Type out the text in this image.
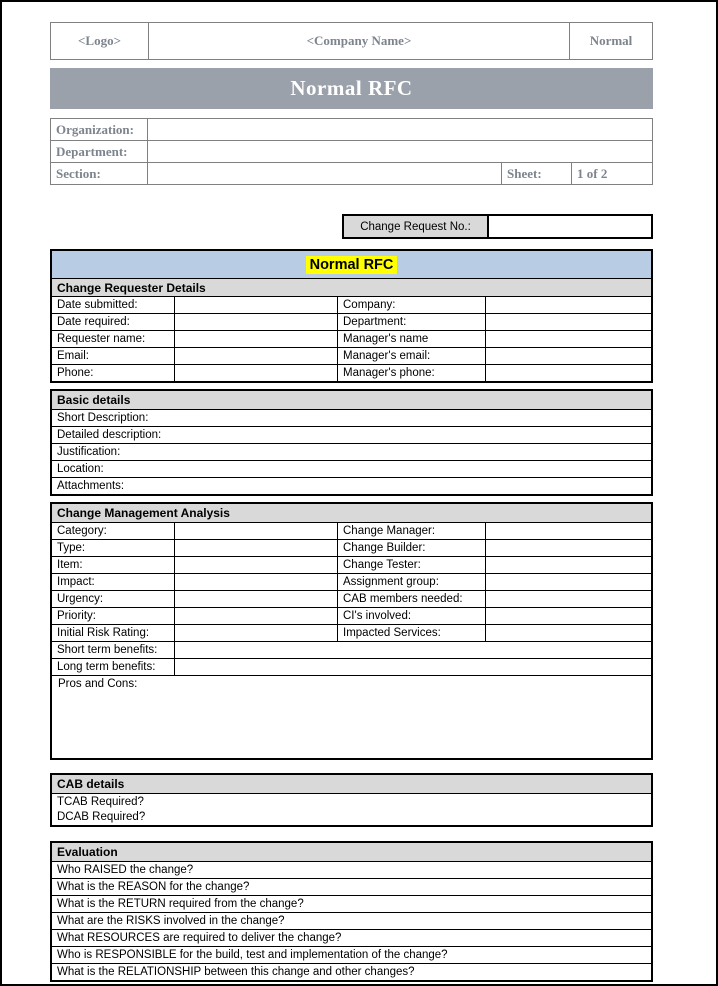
<Logo>	<Company Name>	Normal
Normal RFC
Organization:
Department:
Section:	Sheet:	1 of 2
Change Request No.:
Normal RFC
Change Requester Details
Date submitted:	Company:
Date required:	Department:
Requester name:	Manager's name
Email:	Manager's email:
Phone:	Manager's phone:
Basic details
Short Description:
Detailed description:
Justification:
Location:
Attachments:
Change Management Analysis
Category:	Change Manager:
Type:	Change Builder:
Item:	Change Tester:
Impact:	Assignment group:
Urgency:	CAB members needed:
Priority:	CI's involved:
Initial Risk Rating:	Impacted Services:
Short term benefits:
Long term benefits:
Pros and Cons:
CAB details
TCAB Required?
DCAB Required?
Evaluation
Who RAISED the change?
What is the REASON for the change?
What is the RETURN required from the change?
What are the RISKS involved in the change?
What RESOURCES are required to deliver the change?
Who is RESPONSIBLE for the build, test and implementation of the change?
What is the RELATIONSHIP between this change and other changes?
